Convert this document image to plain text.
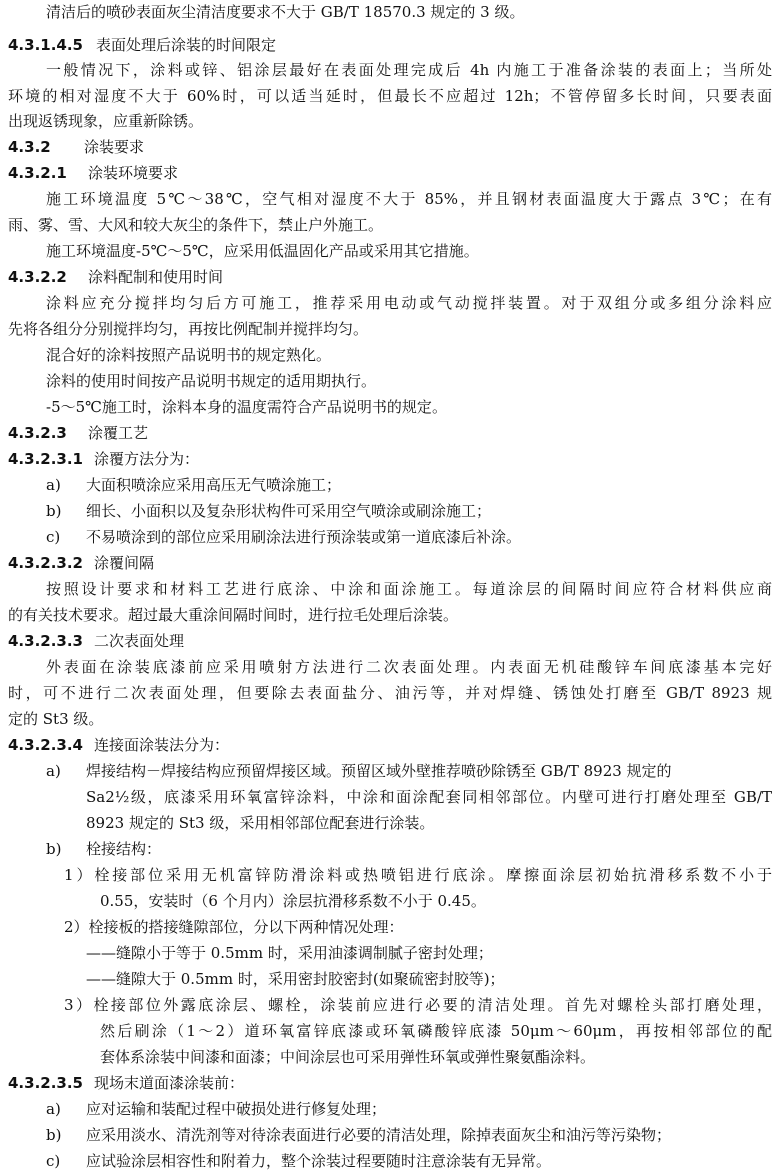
清洁后的喷砂表面灰尘清洁度要求不大于 GB/T 18570.3 规定的 3 级。
4.3.1.4.5 表面处理后涂装的时间限定
一般情况下，涂料或锌、铝涂层最好在表面处理完成后 4h 内施工于准备涂装的表面上；当所处
环境的相对湿度不大于 60%时，可以适当延时，但最长不应超过 12h；不管停留多长时间，只要表面
出现返锈现象，应重新除锈。
4.3.2 涂装要求
4.3.2.1 涂装环境要求
施工环境温度 5℃～38℃，空气相对湿度不大于 85%，并且钢材表面温度大于露点 3℃；在有
雨、雾、雪、大风和较大灰尘的条件下，禁止户外施工。
施工环境温度-5℃～5℃，应采用低温固化产品或采用其它措施。
4.3.2.2 涂料配制和使用时间
涂料应充分搅拌均匀后方可施工，推荐采用电动或气动搅拌装置。对于双组分或多组分涂料应
先将各组分分别搅拌均匀，再按比例配制并搅拌均匀。
混合好的涂料按照产品说明书的规定熟化。
涂料的使用时间按产品说明书规定的适用期执行。
-5～5℃施工时，涂料本身的温度需符合产品说明书的规定。
4.3.2.3 涂覆工艺
4.3.2.3.1 涂覆方法分为：
a) 大面积喷涂应采用高压无气喷涂施工；
b) 细长、小面积以及复杂形状构件可采用空气喷涂或刷涂施工；
c) 不易喷涂到的部位应采用刷涂法进行预涂装或第一道底漆后补涂。
4.3.2.3.2 涂覆间隔
按照设计要求和材料工艺进行底涂、中涂和面涂施工。每道涂层的间隔时间应符合材料供应商
的有关技术要求。超过最大重涂间隔时间时，进行拉毛处理后涂装。
4.3.2.3.3 二次表面处理
外表面在涂装底漆前应采用喷射方法进行二次表面处理。内表面无机硅酸锌车间底漆基本完好
时，可不进行二次表面处理，但要除去表面盐分、油污等，并对焊缝、锈蚀处打磨至 GB/T 8923 规
定的 St3 级。
4.3.2.3.4 连接面涂装法分为：
a) 焊接结构－焊接结构应预留焊接区域。预留区域外壁推荐喷砂除锈至 GB/T 8923 规定的
Sa2½级，底漆采用环氧富锌涂料，中涂和面涂配套同相邻部位。内壁可进行打磨处理至 GB/T
8923 规定的 St3 级，采用相邻部位配套进行涂装。
b) 栓接结构：
1）栓接部位采用无机富锌防滑涂料或热喷铝进行底涂。摩擦面涂层初始抗滑移系数不小于
0.55，安装时（6 个月内）涂层抗滑移系数不小于 0.45。
2）栓接板的搭接缝隙部位，分以下两种情况处理：
——缝隙小于等于 0.5mm 时，采用油漆调制腻子密封处理；
——缝隙大于 0.5mm 时，采用密封胶密封(如聚硫密封胶等)；
3）栓接部位外露底涂层、螺栓，涂装前应进行必要的清洁处理。首先对螺栓头部打磨处理，
然后刷涂（1～2）道环氧富锌底漆或环氧磷酸锌底漆 50μm～60μm，再按相邻部位的配
套体系涂装中间漆和面漆；中间涂层也可采用弹性环氧或弹性聚氨酯涂料。
4.3.2.3.5 现场末道面漆涂装前：
a) 应对运输和装配过程中破损处进行修复处理；
b) 应采用淡水、清洗剂等对待涂表面进行必要的清洁处理，除掉表面灰尘和油污等污染物；
c) 应试验涂层相容性和附着力，整个涂装过程要随时注意涂装有无异常。
